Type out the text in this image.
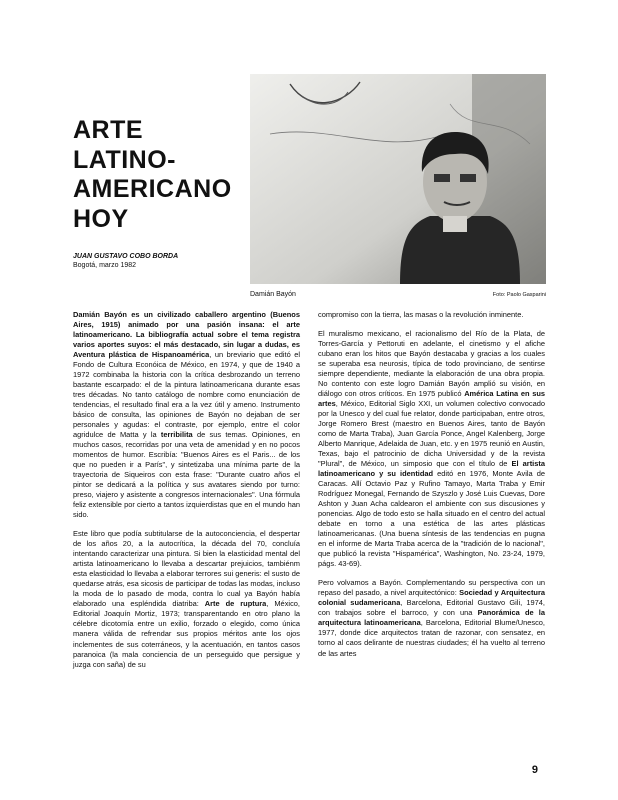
ARTE
LATINO-
AMERICANO
HOY
JUAN GUSTAVO COBO BORDA
Bogotá, marzo 1982
Damián Bayón	Foto: Paolo Gasparini

Damián Bayón es un civilizado caballero argentino (Buenos Aires, 1915) animado por una pasión insana: el arte latinoamericano. La bibliografía actual sobre el tema registra varios aportes suyos: el más destacado, sin lugar a dudas, es Aventura plástica de Hispanoamérica, un breviario que editó el Fondo de Cultura Econóica de México, en 1974, y que de 1940 a 1972 combinaba la historia con la crítica desbrozando un terreno bastante escarpado: el de la pintura latinoamericana durante esas tres décadas. No tanto catálogo de nombre como enunciación de tendencias, el resultado final era a la vez útil y ameno. Instrumento básico de consulta, las opiniones de Bayón no dejaban de ser personales y agudas: el contraste, por ejemplo, entre el color agridulce de Matta y la terribilita de sus temas. Opiniones, en muchos casos, recorridas por una veta de amenidad y en no pocos momentos de humor. Escribía: "Buenos Aires es el Paris... de los que no pueden ir a París", y sintetizaba una mínima parte de la trayectoria de Siqueiros con esta frase: "Durante cuatro años el pintor se dedicará a la política y sus avatares siendo por turno: preso, viajero y asistente a congresos internacionales". Una fórmula feliz extensible por cierto a tantos izquierdistas que en el mundo han sido.

Este libro que podía subtitularse de la autoconciencia, el despertar de los años 20, a la autocrítica, la década del 70, concluía intentando caracterizar una pintura. Si bien la elasticidad mental del artista latinoamericano lo llevaba a descartar prejuicios, tambiénm esta elasticidad lo llevaba a elaborar terrores sui generis: el susto de quedarse atrás, esa sicosis de participar de todas las modas, incluso la moda de lo pasado de moda, contra lo cual ya Bayón había elaborado una espléndida diatriba: Arte de ruptura, México, Editorial Joaquín Mortiz, 1973; transparentando en otro plano la célebre dicotomía entre un exilio, forzado o elegido, como única manera válida de refrendar sus propios méritos ante los ojos inclementes de sus coterráneos, y la acentuación, en tantos casos paranoica (la mala conciencia de un perseguido que persigue y juzga con saña) de su

compromiso con la tierra, las masas o la revolución inminente.

El muralismo mexicano, el racionalismo del Río de la Plata, de Torres-García y Pettoruti en adelante, el cinetismo y el afiche cubano eran los hitos que Bayón destacaba y gracias a los cuales se superaba esa neurosis, típica de todo provinciano, de sentirse siempre dependiente, mediante la elaboración de una obra propia. No contento con este logro Damián Bayón amplió su visión, en diálogo con otros críticos. En 1975 publicó América Latina en sus artes, México, Editorial Siglo XXI, un volumen colectivo convocado por la Unesco y del cual fue relator, donde participaban, entre otros, Jorge Romero Brest (maestro en Buenos Aires, tanto de Bayón como de Marta Traba), Juan García Ponce, Angel Kalenberg, Jorge Alberto Manrique, Adelaida de Juan, etc. y en 1975 reunió en Austin, Texas, bajo el patrocinio de dicha Universidad y de la revista "Plural", de México, un simposio que con el título de El artista latinoamericano y su identidad editó en 1976, Monte Avila de Caracas. Allí Octavio Paz y Rufino Tamayo, Marta Traba y Emir Rodríguez Monegal, Fernando de Szyszlo y José Luis Cuevas, Dore Ashton y Juan Acha caldearon el ambiente con sus discusiones y ponencias. Algo de todo esto se halla situado en el centro del actual debate en torno a una estética de las artes plásticas latinoamericanas. (Una buena síntesis de las tendencias en pugna en el informe de Marta Traba acerca de la "tradición de lo nacional", que publicó la revista "Hispamérica", Washington, No. 23-24, 1979, págs. 43-69).

Pero volvamos a Bayón. Complementando su perspectiva con un repaso del pasado, a nivel arquitectónico: Sociedad y Arquitectura colonial sudamericana, Barcelona, Editorial Gustavo Gili, 1974, con trabajos sobre el barroco, y con una Panorámica de la arquitectura latinoamericana, Barcelona, Editorial Blume/Unesco, 1977, donde dice arquitectos tratan de razonar, con sensatez, en torno al caos delirante de nuestras ciudades; él ha vuelto al terreno de las artes

9
